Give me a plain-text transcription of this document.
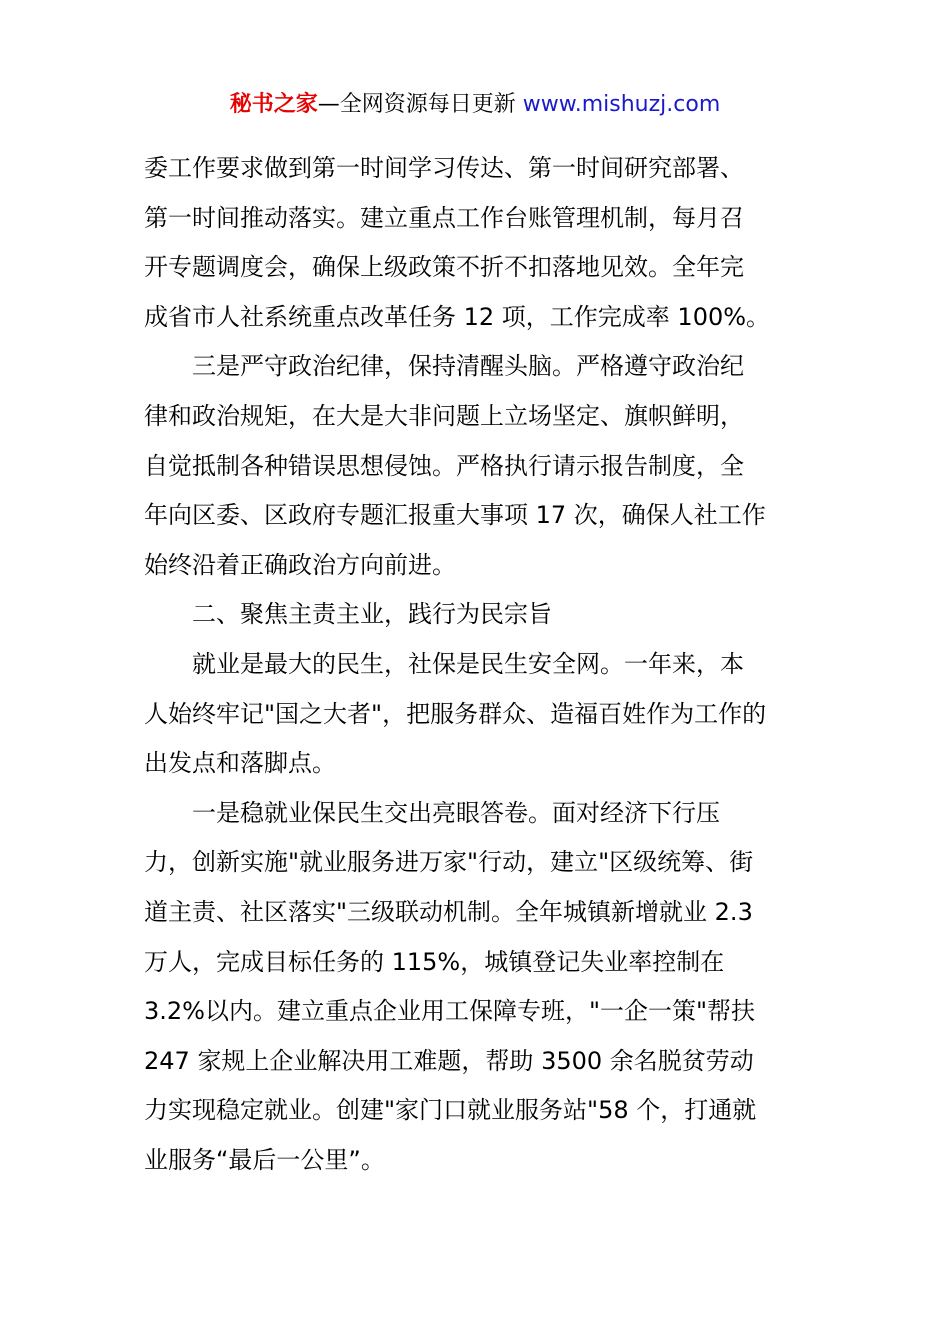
秘书之家—全网资源每日更新 www.mishuzj.com
委工作要求做到第一时间学习传达、第一时间研究部署、
第一时间推动落实。建立重点工作台账管理机制，每月召
开专题调度会，确保上级政策不折不扣落地见效。全年完
成省市人社系统重点改革任务 12 项，工作完成率 100%。
三是严守政治纪律，保持清醒头脑。严格遵守政治纪
律和政治规矩，在大是大非问题上立场坚定、旗帜鲜明，
自觉抵制各种错误思想侵蚀。严格执行请示报告制度，全
年向区委、区政府专题汇报重大事项 17 次，确保人社工作
始终沿着正确政治方向前进。
二、聚焦主责主业，践行为民宗旨
就业是最大的民生，社保是民生安全网。一年来，本
人始终牢记"国之大者"，把服务群众、造福百姓作为工作的
出发点和落脚点。
一是稳就业保民生交出亮眼答卷。面对经济下行压
力，创新实施"就业服务进万家"行动，建立"区级统筹、街
道主责、社区落实"三级联动机制。全年城镇新增就业 2.3
万人，完成目标任务的 115%，城镇登记失业率控制在
3.2%以内。建立重点企业用工保障专班，"一企一策"帮扶
247 家规上企业解决用工难题，帮助 3500 余名脱贫劳动
力实现稳定就业。创建"家门口就业服务站"58 个，打通就
业服务“最后一公里”。
